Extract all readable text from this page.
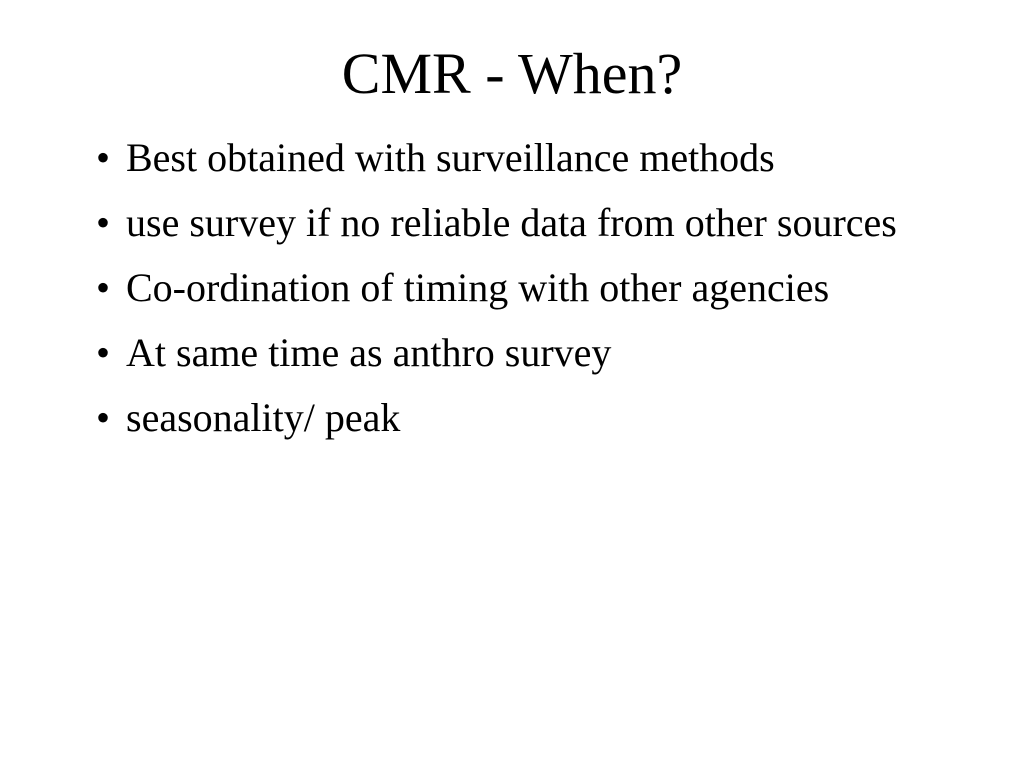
CMR - When?
• Best obtained with surveillance methods
• use survey if no reliable data from other sources
• Co-ordination of timing with other agencies
• At same time as anthro survey
• seasonality/ peak
